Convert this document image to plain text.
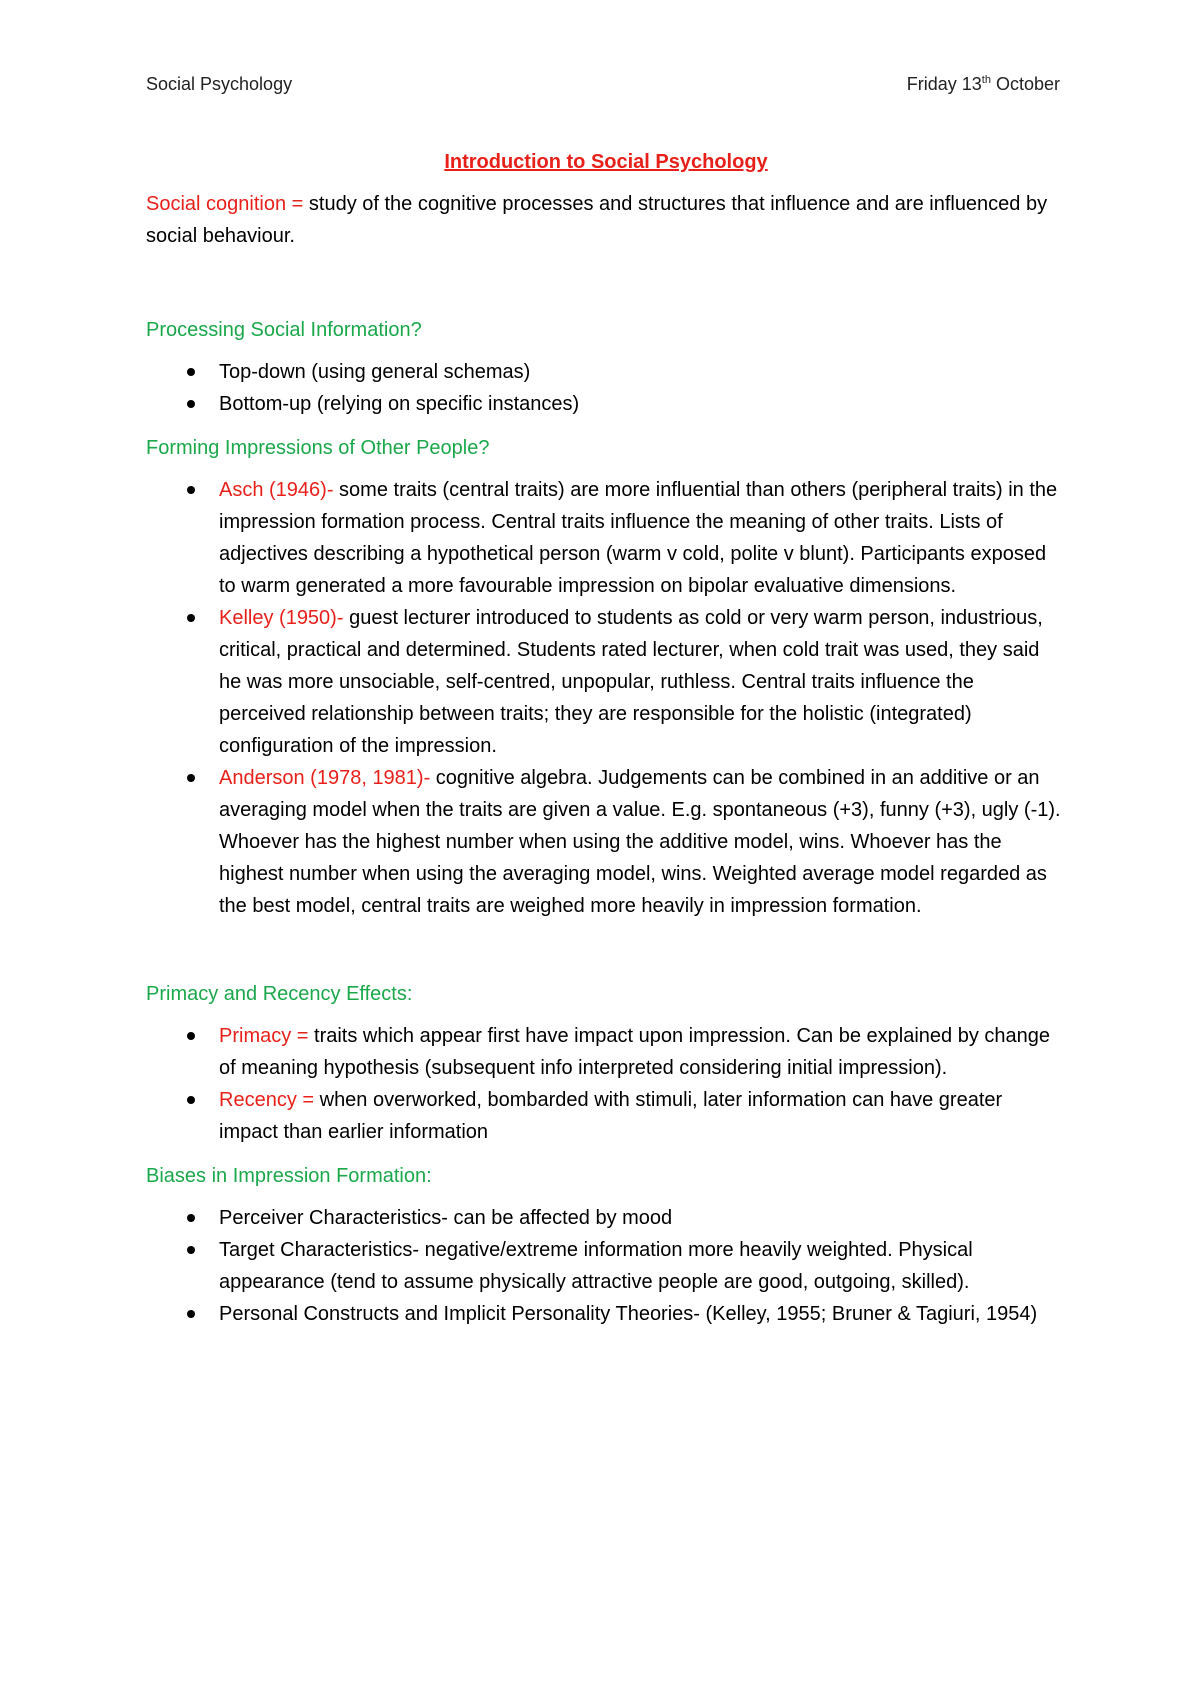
Social Psychology	Friday 13th October

Introduction to Social Psychology

Social cognition = study of the cognitive processes and structures that influence and are influenced by social behaviour.

Processing Social Information?

Top-down (using general schemas)
Bottom-up (relying on specific instances)

Forming Impressions of Other People?

Asch (1946)- some traits (central traits) are more influential than others (peripheral traits) in the impression formation process. Central traits influence the meaning of other traits. Lists of adjectives describing a hypothetical person (warm v cold, polite v blunt). Participants exposed to warm generated a more favourable impression on bipolar evaluative dimensions.
Kelley (1950)- guest lecturer introduced to students as cold or very warm person, industrious, critical, practical and determined. Students rated lecturer, when cold trait was used, they said he was more unsociable, self-centred, unpopular, ruthless. Central traits influence the perceived relationship between traits; they are responsible for the holistic (integrated) configuration of the impression.
Anderson (1978, 1981)- cognitive algebra. Judgements can be combined in an additive or an averaging model when the traits are given a value. E.g. spontaneous (+3), funny (+3), ugly (-1). Whoever has the highest number when using the additive model, wins. Whoever has the highest number when using the averaging model, wins. Weighted average model regarded as the best model, central traits are weighed more heavily in impression formation.

Primacy and Recency Effects:

Primacy = traits which appear first have impact upon impression. Can be explained by change of meaning hypothesis (subsequent info interpreted considering initial impression).
Recency = when overworked, bombarded with stimuli, later information can have greater impact than earlier information

Biases in Impression Formation:

Perceiver Characteristics- can be affected by mood
Target Characteristics- negative/extreme information more heavily weighted. Physical appearance (tend to assume physically attractive people are good, outgoing, skilled).
Personal Constructs and Implicit Personality Theories- (Kelley, 1955; Bruner & Tagiuri, 1954)
